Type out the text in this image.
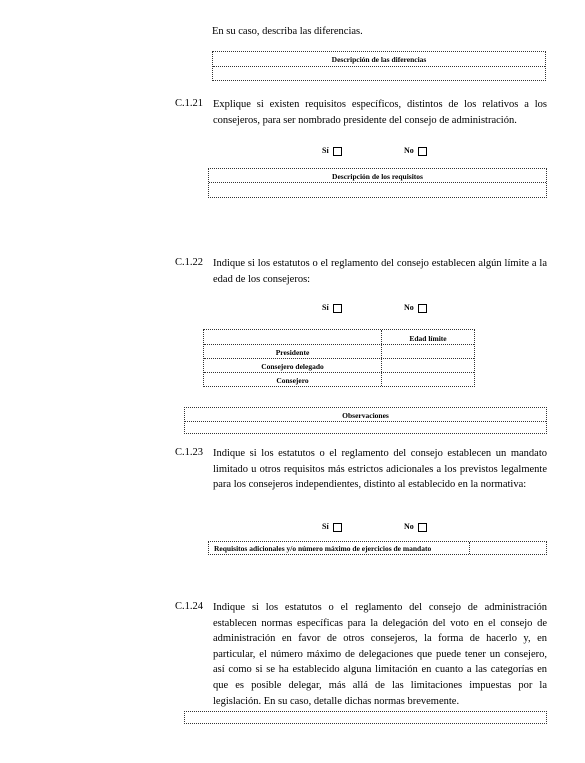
En su caso, describa las diferencias.
Descripción de las diferencias
C.1.21 Explique si existen requisitos específicos, distintos de los relativos a los consejeros, para ser nombrado presidente del consejo de administración.
Sí	No
Descripción de los requisitos
C.1.22 Indique si los estatutos o el reglamento del consejo establecen algún límite a la edad de los consejeros:
Sí	No
Edad límite
Presidente
Consejero delegado
Consejero
Observaciones
C.1.23 Indique si los estatutos o el reglamento del consejo establecen un mandato limitado u otros requisitos más estrictos adicionales a los previstos legalmente para los consejeros independientes, distinto al establecido en la normativa:
Sí	No
Requisitos adicionales y/o número máximo de ejercicios de mandato
C.1.24 Indique si los estatutos o el reglamento del consejo de administración establecen normas específicas para la delegación del voto en el consejo de administración en favor de otros consejeros, la forma de hacerlo y, en particular, el número máximo de delegaciones que puede tener un consejero, así como si se ha establecido alguna limitación en cuanto a las categorías en que es posible delegar, más allá de las limitaciones impuestas por la legislación. En su caso, detalle dichas normas brevemente.
